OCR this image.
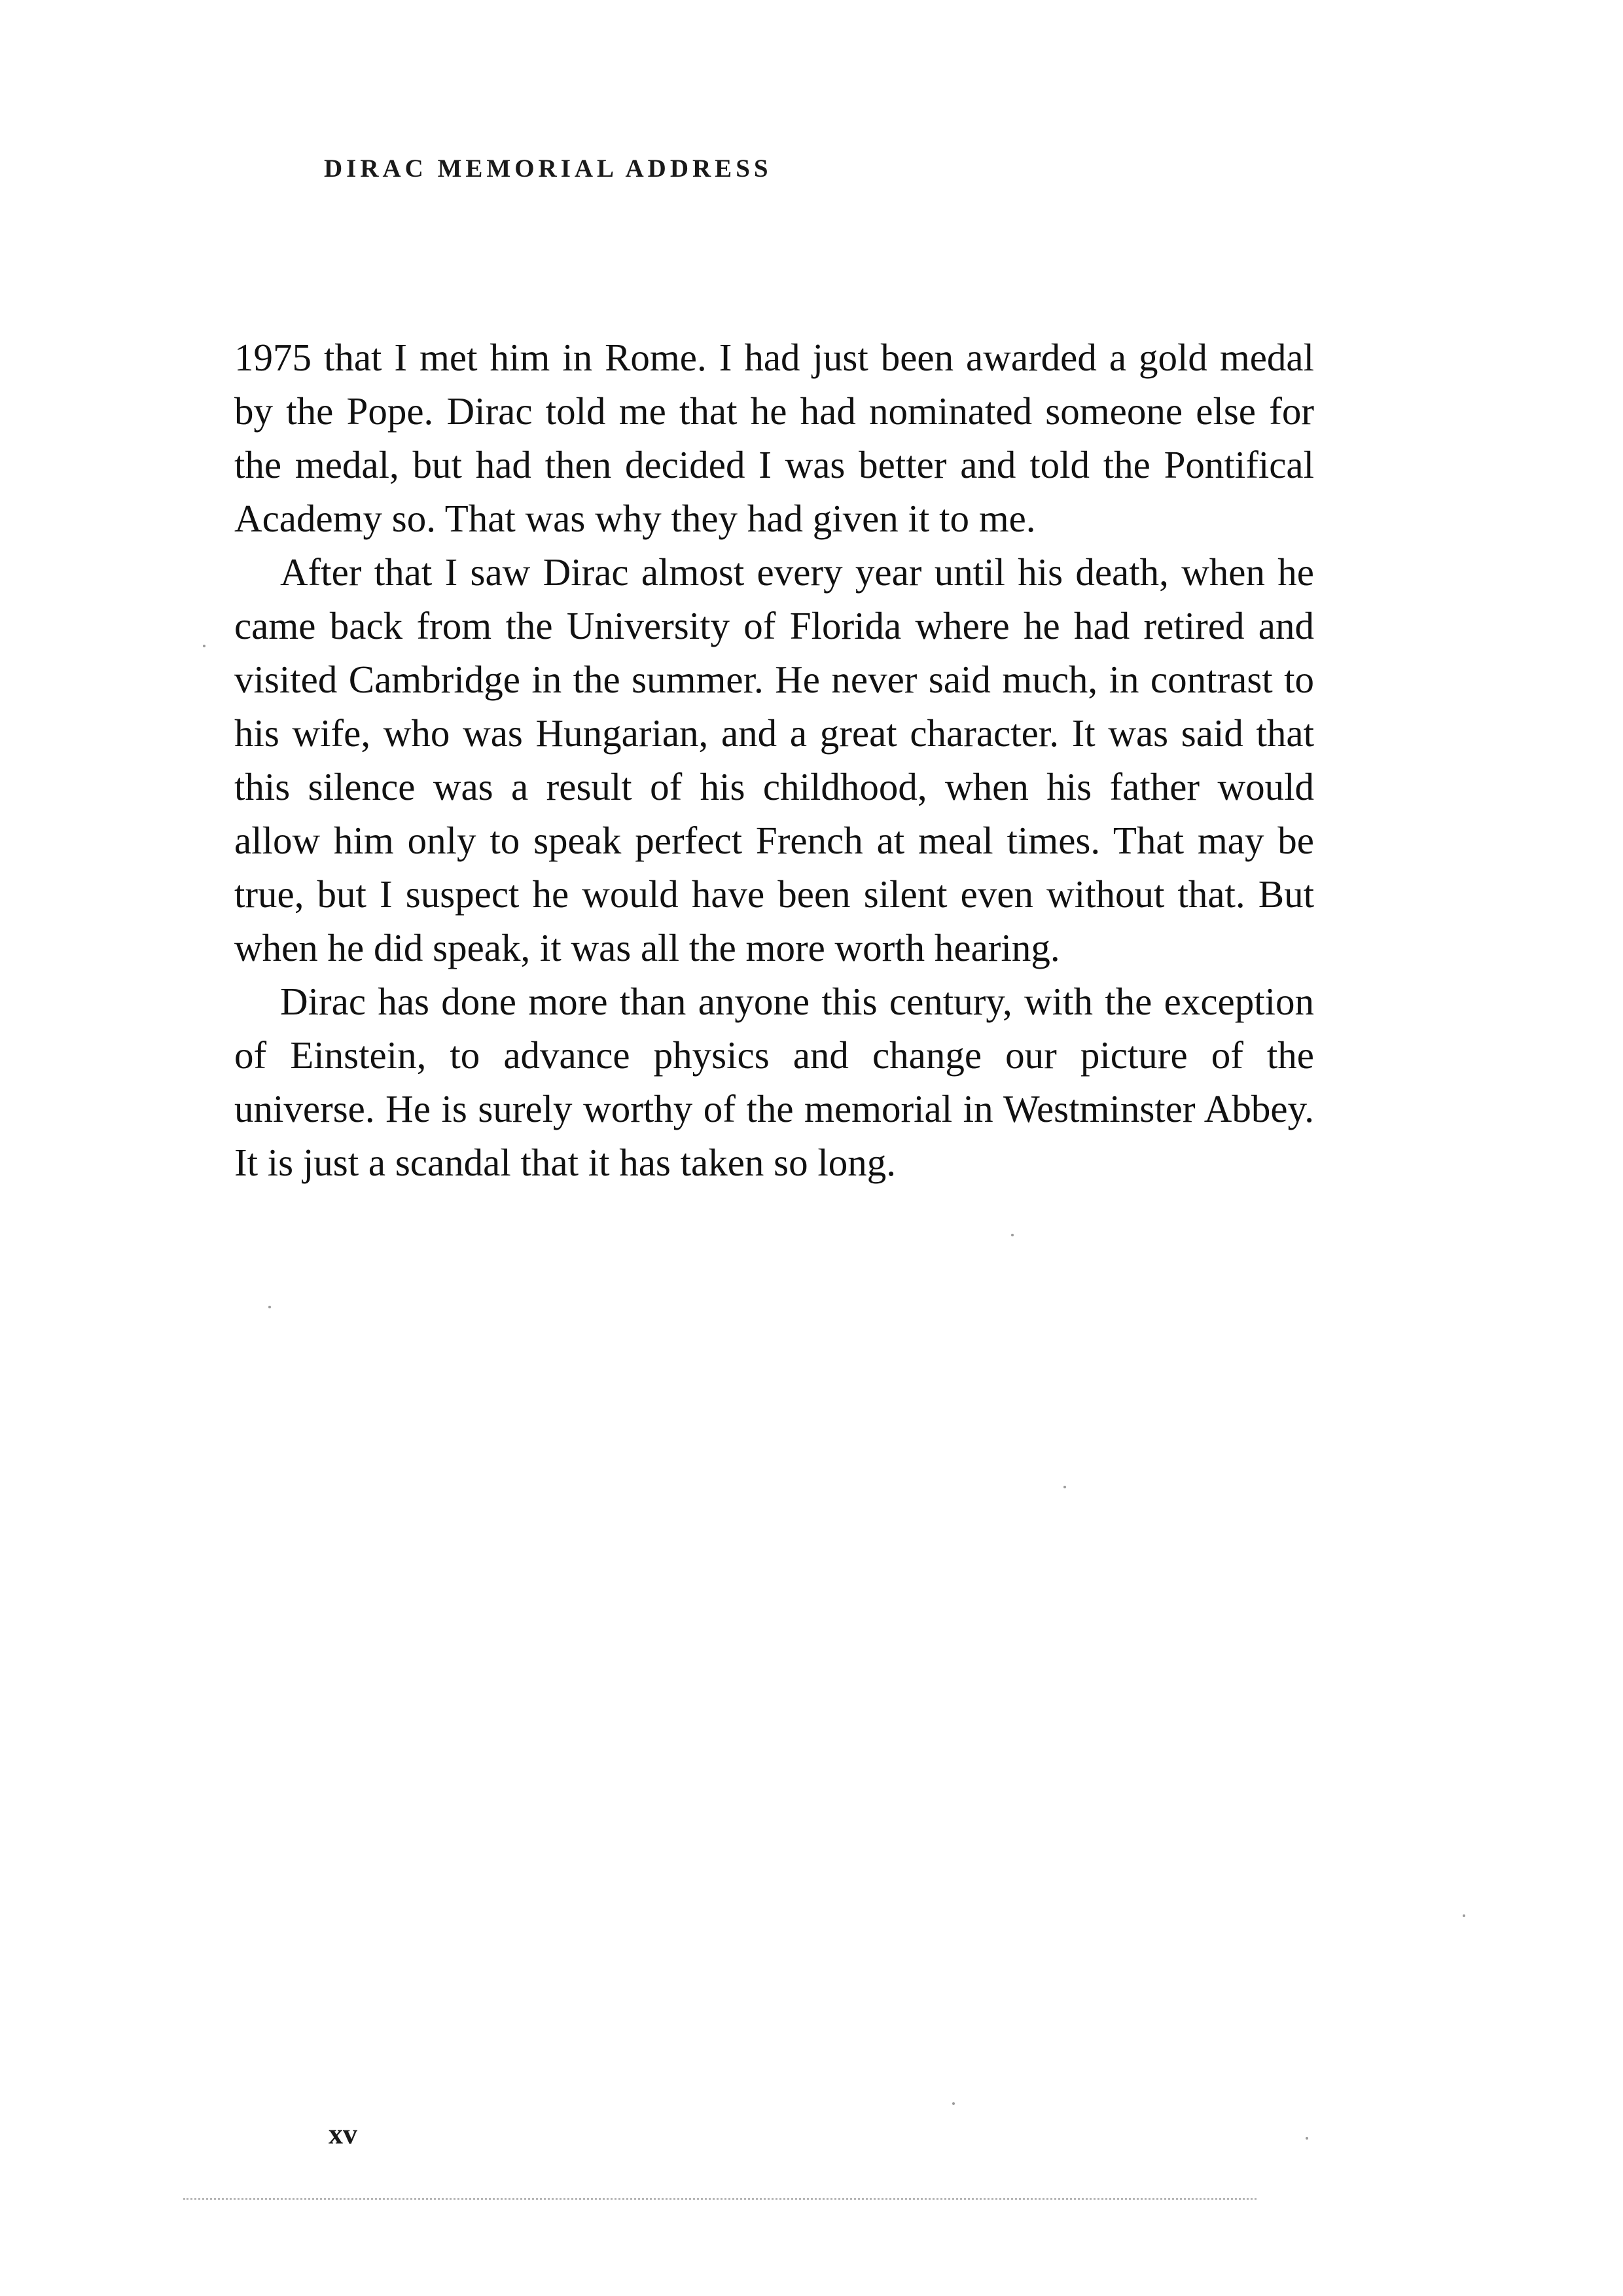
DIRAC MEMORIAL ADDRESS

1975 that I met him in Rome. I had just been awarded a gold medal by the Pope. Dirac told me that he had nominated someone else for the medal, but had then decided I was better and told the Pontifical Academy so. That was why they had given it to me.

After that I saw Dirac almost every year until his death, when he came back from the University of Florida where he had retired and visited Cambridge in the summer. He never said much, in contrast to his wife, who was Hungarian, and a great character. It was said that this silence was a result of his childhood, when his father would allow him only to speak perfect French at meal times. That may be true, but I suspect he would have been silent even without that. But when he did speak, it was all the more worth hearing.

Dirac has done more than anyone this century, with the exception of Einstein, to advance physics and change our picture of the universe. He is surely worthy of the memorial in Westminster Abbey. It is just a scandal that it has taken so long.

xv
